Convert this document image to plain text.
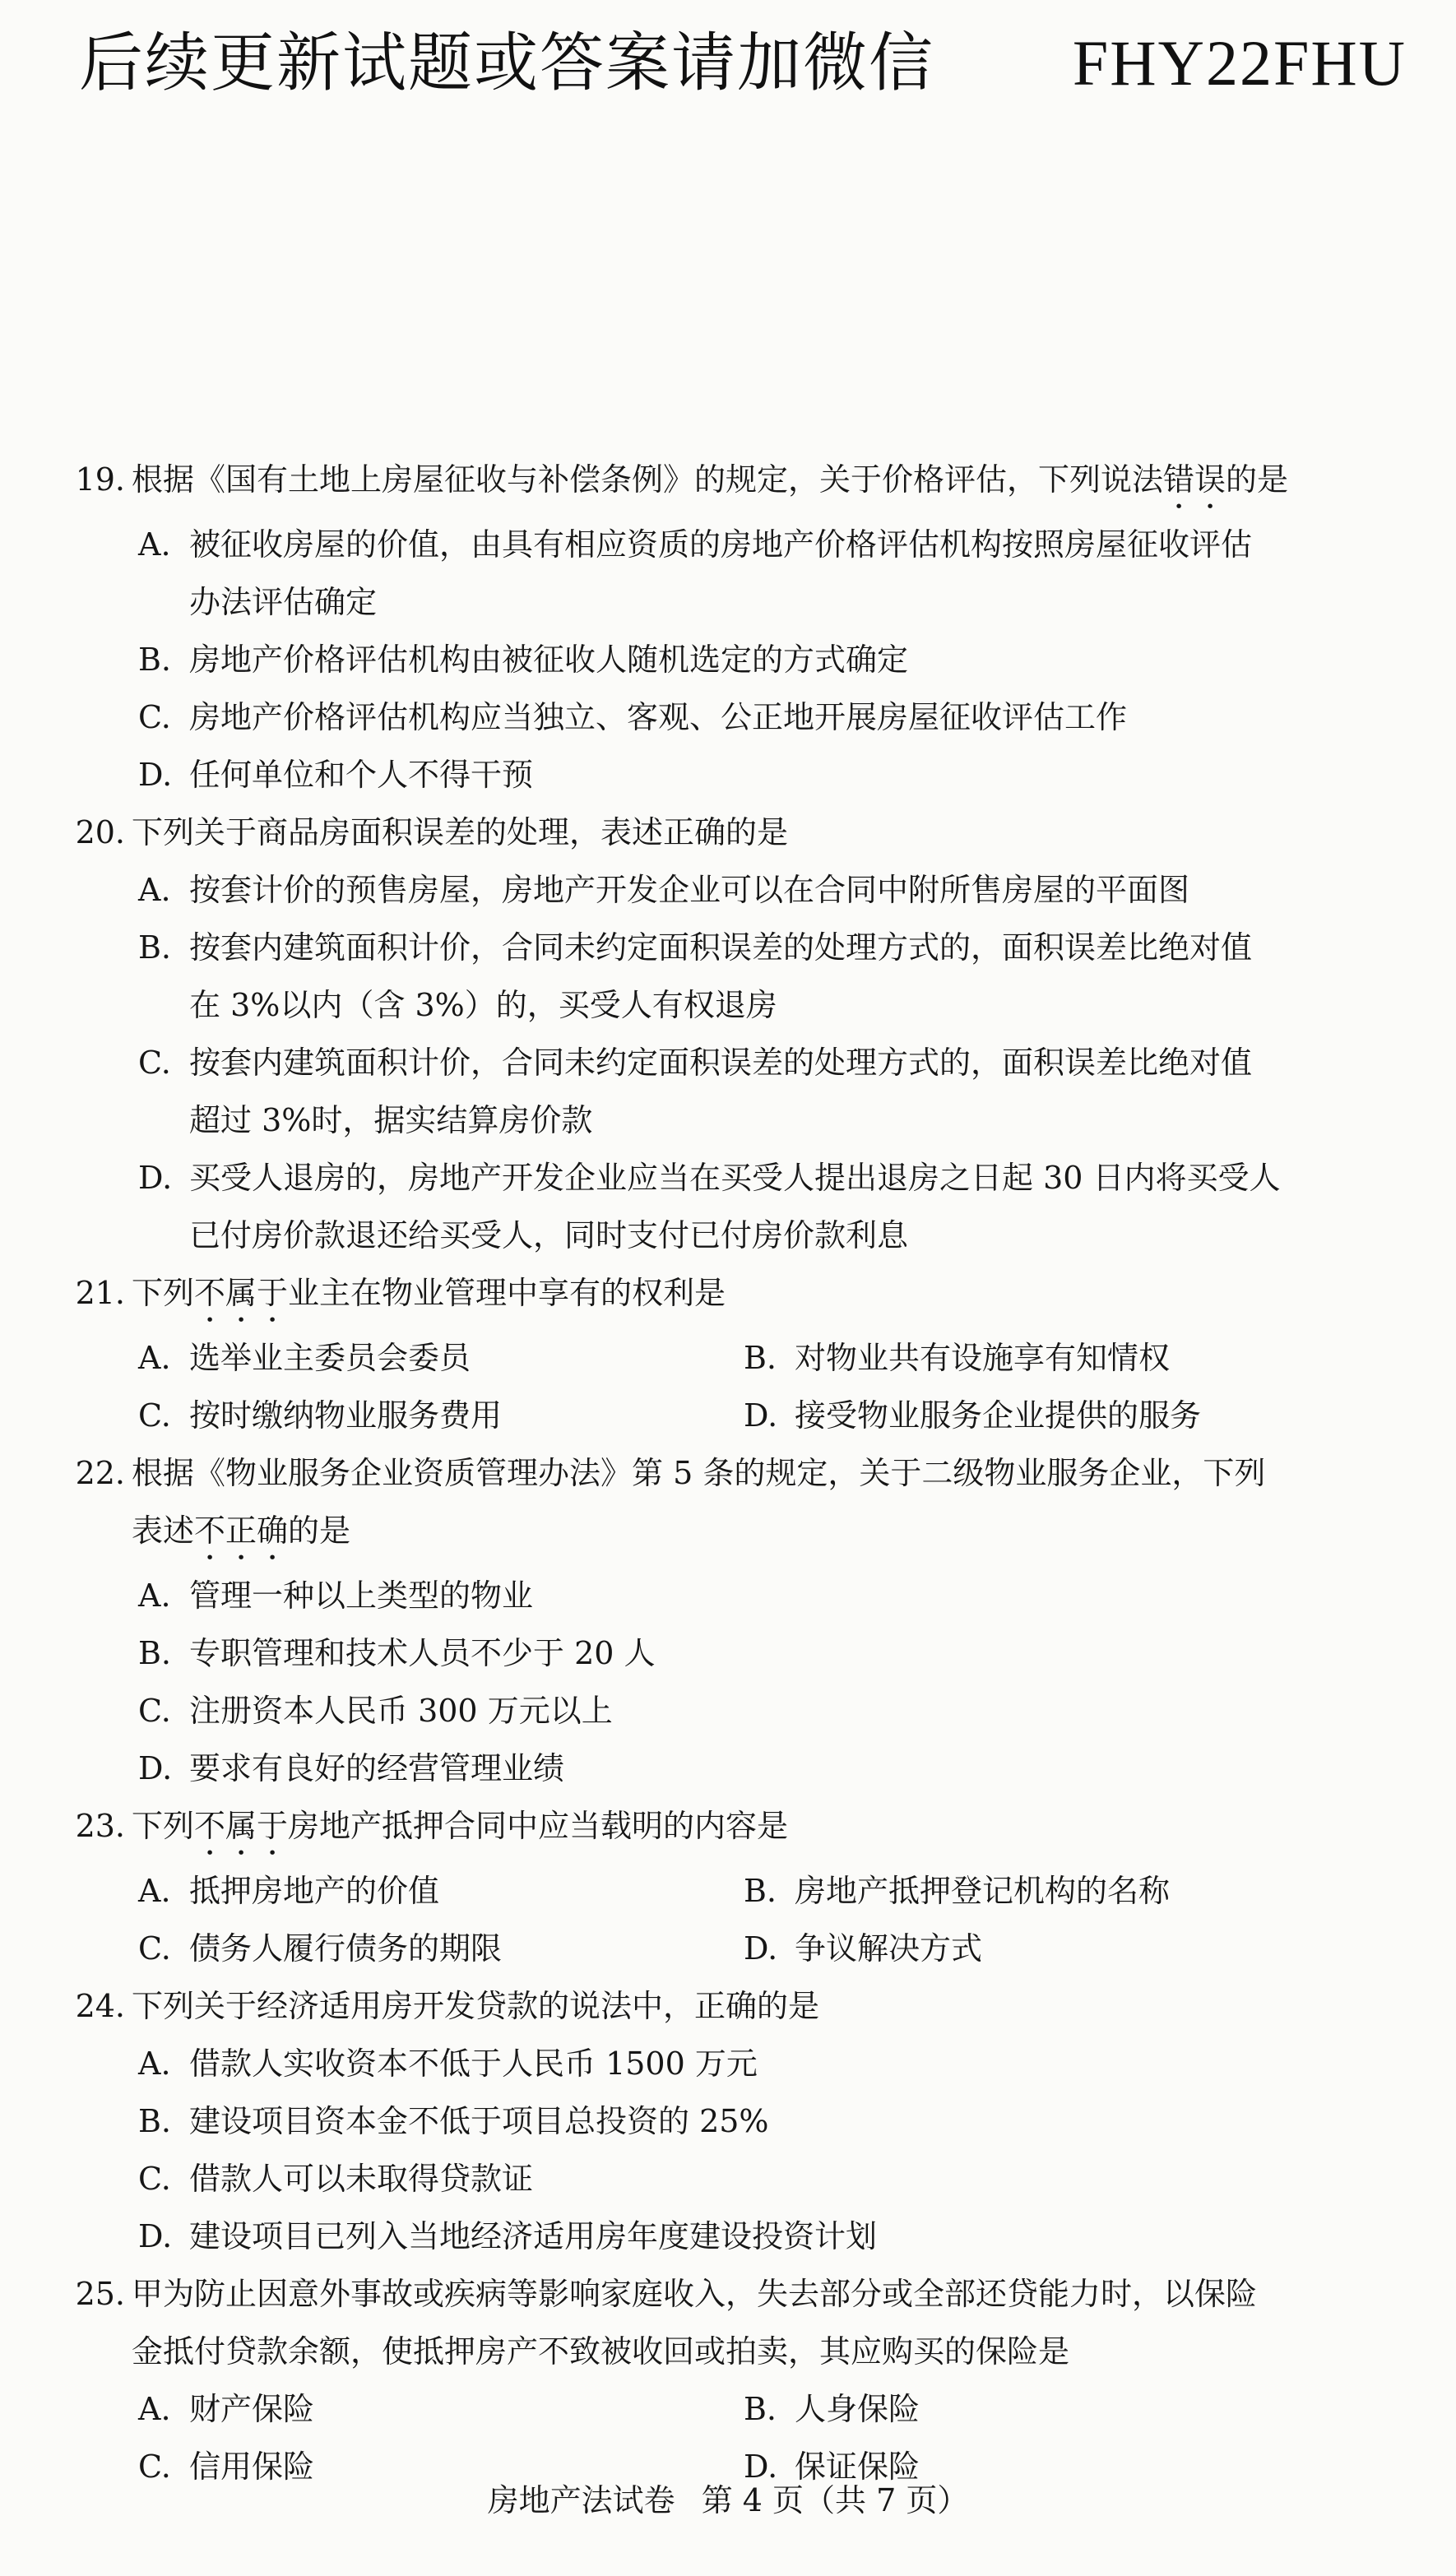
后续更新试题或答案请加微信 FHY22FHU
19. 根据《国有土地上房屋征收与补偿条例》的规定，关于价格评估，下列说法错误的是
A. 被征收房屋的价值，由具有相应资质的房地产价格评估机构按照房屋征收评估
办法评估确定
B. 房地产价格评估机构由被征收人随机选定的方式确定
C. 房地产价格评估机构应当独立、客观、公正地开展房屋征收评估工作
D. 任何单位和个人不得干预
20. 下列关于商品房面积误差的处理，表述正确的是
A. 按套计价的预售房屋，房地产开发企业可以在合同中附所售房屋的平面图
B. 按套内建筑面积计价，合同未约定面积误差的处理方式的，面积误差比绝对值
在 3%以内（含 3%）的，买受人有权退房
C. 按套内建筑面积计价，合同未约定面积误差的处理方式的，面积误差比绝对值
超过 3%时，据实结算房价款
D. 买受人退房的，房地产开发企业应当在买受人提出退房之日起 30 日内将买受人
已付房价款退还给买受人，同时支付已付房价款利息
21. 下列不属于业主在物业管理中享有的权利是
A. 选举业主委员会委员	B. 对物业共有设施享有知情权
C. 按时缴纳物业服务费用	D. 接受物业服务企业提供的服务
22. 根据《物业服务企业资质管理办法》第 5 条的规定，关于二级物业服务企业，下列
表述不正确的是
A. 管理一种以上类型的物业
B. 专职管理和技术人员不少于 20 人
C. 注册资本人民币 300 万元以上
D. 要求有良好的经营管理业绩
23. 下列不属于房地产抵押合同中应当载明的内容是
A. 抵押房地产的价值	B. 房地产抵押登记机构的名称
C. 债务人履行债务的期限	D. 争议解决方式
24. 下列关于经济适用房开发贷款的说法中，正确的是
A. 借款人实收资本不低于人民币 1500 万元
B. 建设项目资本金不低于项目总投资的 25%
C. 借款人可以未取得贷款证
D. 建设项目已列入当地经济适用房年度建设投资计划
25. 甲为防止因意外事故或疾病等影响家庭收入，失去部分或全部还贷能力时，以保险
金抵付贷款余额，使抵押房产不致被收回或拍卖，其应购买的保险是
A. 财产保险	B. 人身保险
C. 信用保险	D. 保证保险
房地产法试卷 第 4 页（共 7 页）
